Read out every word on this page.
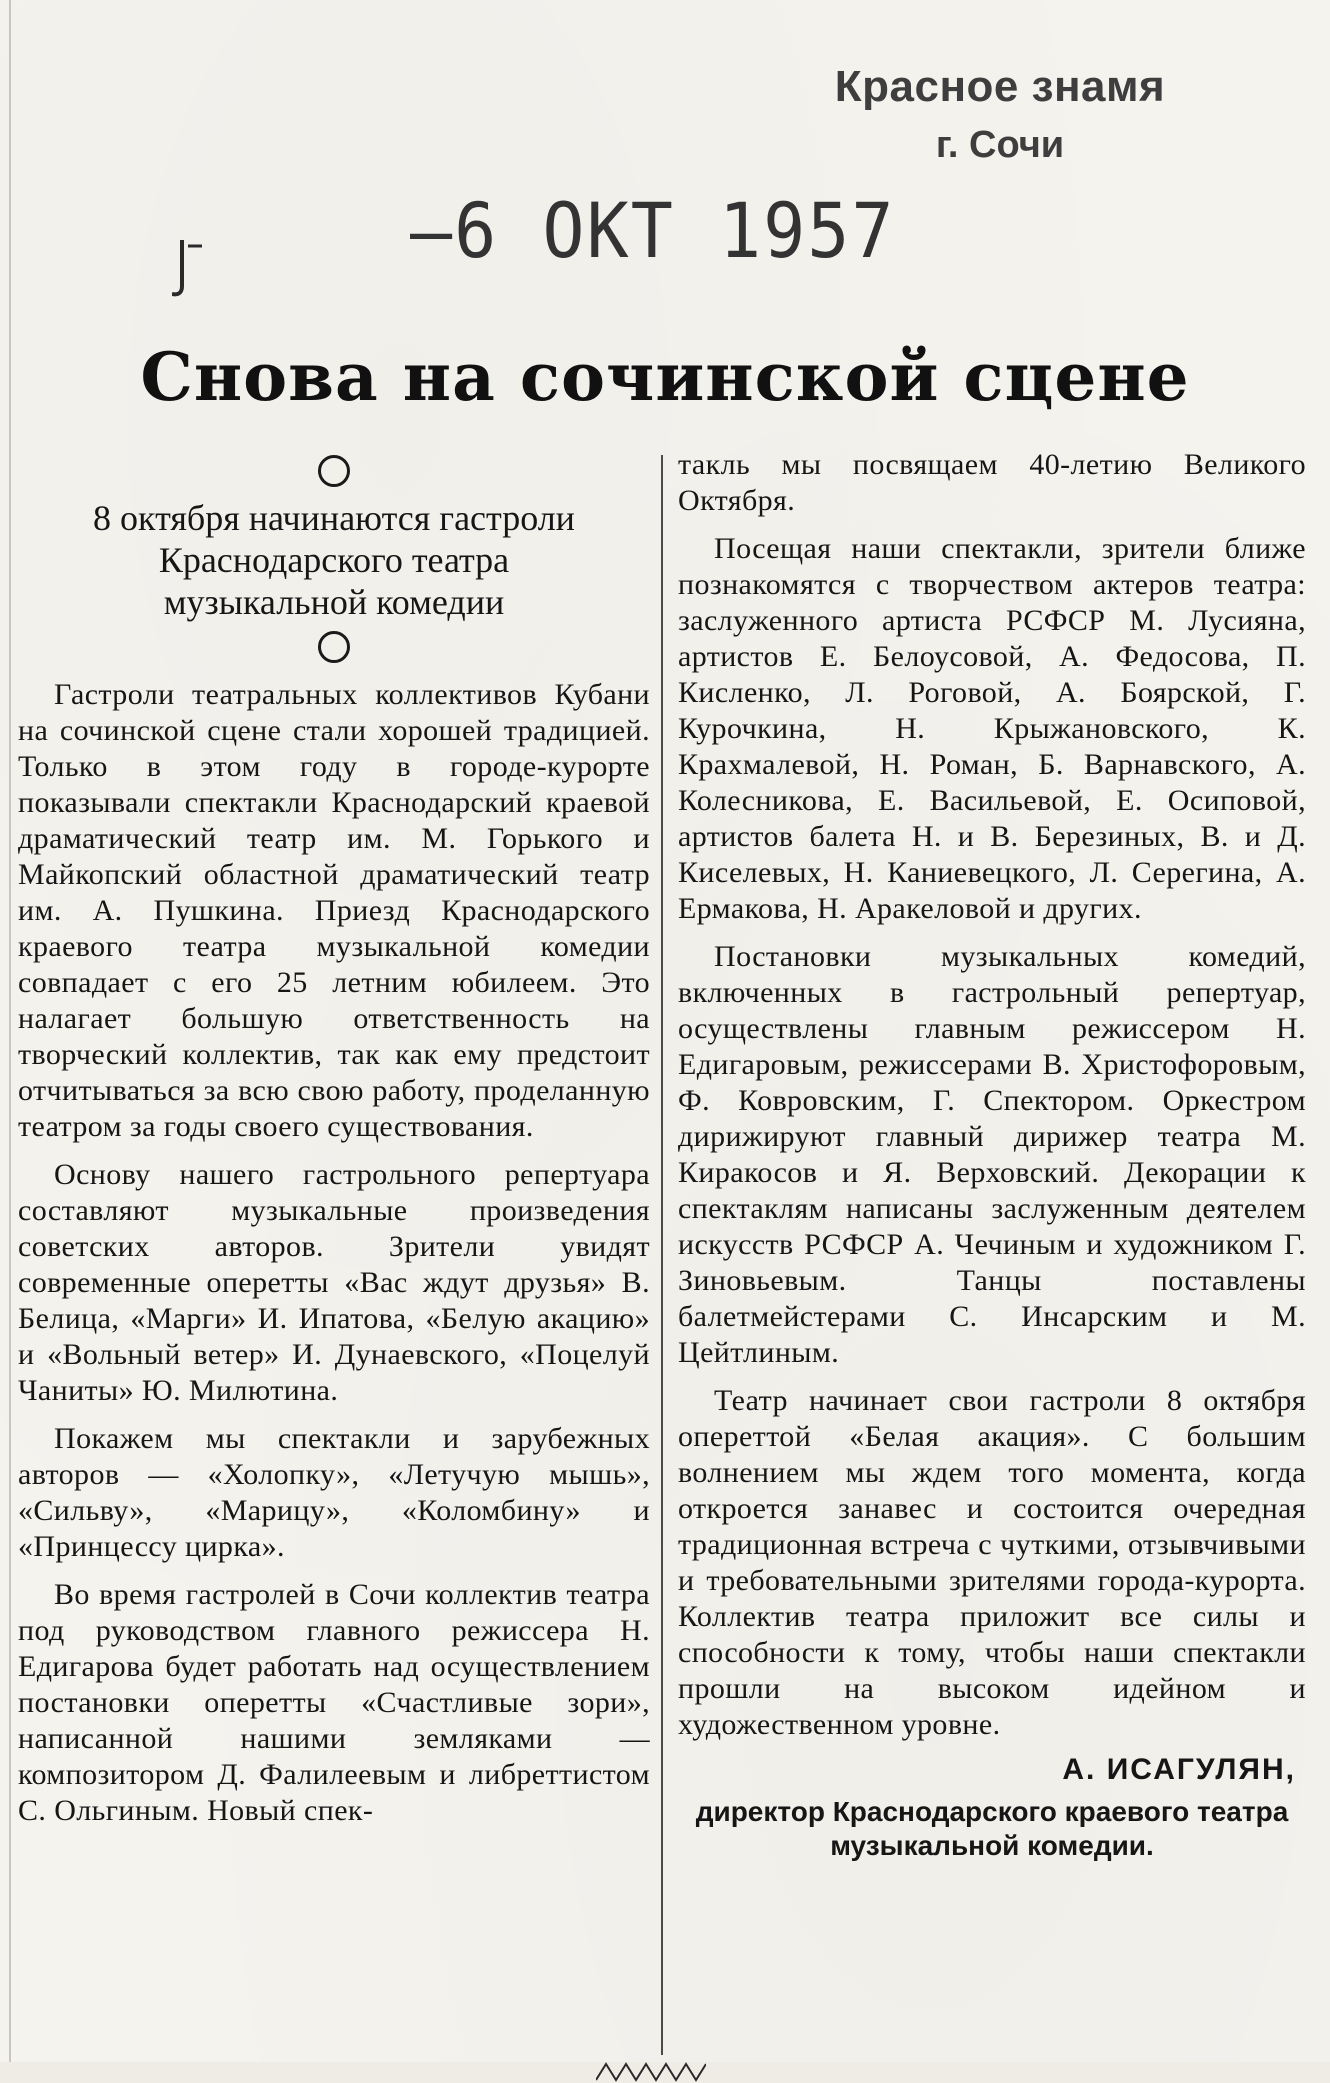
Красное знамя
г. Сочи
—6 ОКТ 1957
Снова на сочинской сцене
8 октября начинаются гастроли
Краснодарского театра
музыкальной комедии

Гастроли театральных коллективов Кубани на сочинской сцене стали хорошей традицией. Только в этом году в городе-курорте показывали спектакли Краснодарский краевой драматический театр им. М. Горького и Майкопский областной драматический театр им. А. Пушкина. Приезд Краснодарского краевого театра музыкальной комедии совпадает с его 25 летним юбилеем. Это налагает большую ответственность на творческий коллектив, так как ему предстоит отчитываться за всю свою работу, проделанную театром за годы своего существования.

Основу нашего гастрольного репертуара составляют музыкальные произведения советских авторов. Зрители увидят современные оперетты «Вас ждут друзья» В. Белица, «Марги» И. Ипатова, «Белую акацию» и «Вольный ветер» И. Дунаевского, «Поцелуй Чаниты» Ю. Милютина.

Покажем мы спектакли и зарубежных авторов — «Холопку», «Летучую мышь», «Сильву», «Марицу», «Коломбину» и «Принцессу цирка».

Во время гастролей в Сочи коллектив театра под руководством главного режиссера Н. Едигарова будет работать над осуществлением постановки оперетты «Счастливые зори», написанной нашими земляками — композитором Д. Фалилеевым и либреттистом С. Ольгиным. Новый спек-

такль мы посвящаем 40-летию Великого Октября.

Посещая наши спектакли, зрители ближе познакомятся с творчеством актеров театра: заслуженного артиста РСФСР М. Лусияна, артистов Е. Белоусовой, А. Федосова, П. Кисленко, Л. Роговой, А. Боярской, Г. Курочкина, Н. Крыжановского, К. Крахмалевой, Н. Роман, Б. Варнавского, А. Колесникова, Е. Васильевой, Е. Осиповой, артистов балета Н. и В. Березиных, В. и Д. Киселевых, Н. Каниевецкого, Л. Серегина, А. Ермакова, Н. Аракеловой и других.

Постановки музыкальных комедий, включенных в гастрольный репертуар, осуществлены главным режиссером Н. Едигаровым, режиссерами В. Христофоровым, Ф. Ковровским, Г. Спектором. Оркестром дирижируют главный дирижер театра М. Киракосов и Я. Верховский. Декорации к спектаклям написаны заслуженным деятелем искусств РСФСР А. Чечиным и художником Г. Зиновьевым. Танцы поставлены балетмейстерами С. Инсарским и М. Цейтлиным.

Театр начинает свои гастроли 8 октября опереттой «Белая акация». С большим волнением мы ждем того момента, когда откроется занавес и состоится очередная традиционная встреча с чуткими, отзывчивыми и требовательными зрителями города-курорта. Коллектив театра приложит все силы и способности к тому, чтобы наши спектакли прошли на высоком идейном и художественном уровне.

А. ИСАГУЛЯН,
директор Краснодарского краевого театра музыкальной комедии.
